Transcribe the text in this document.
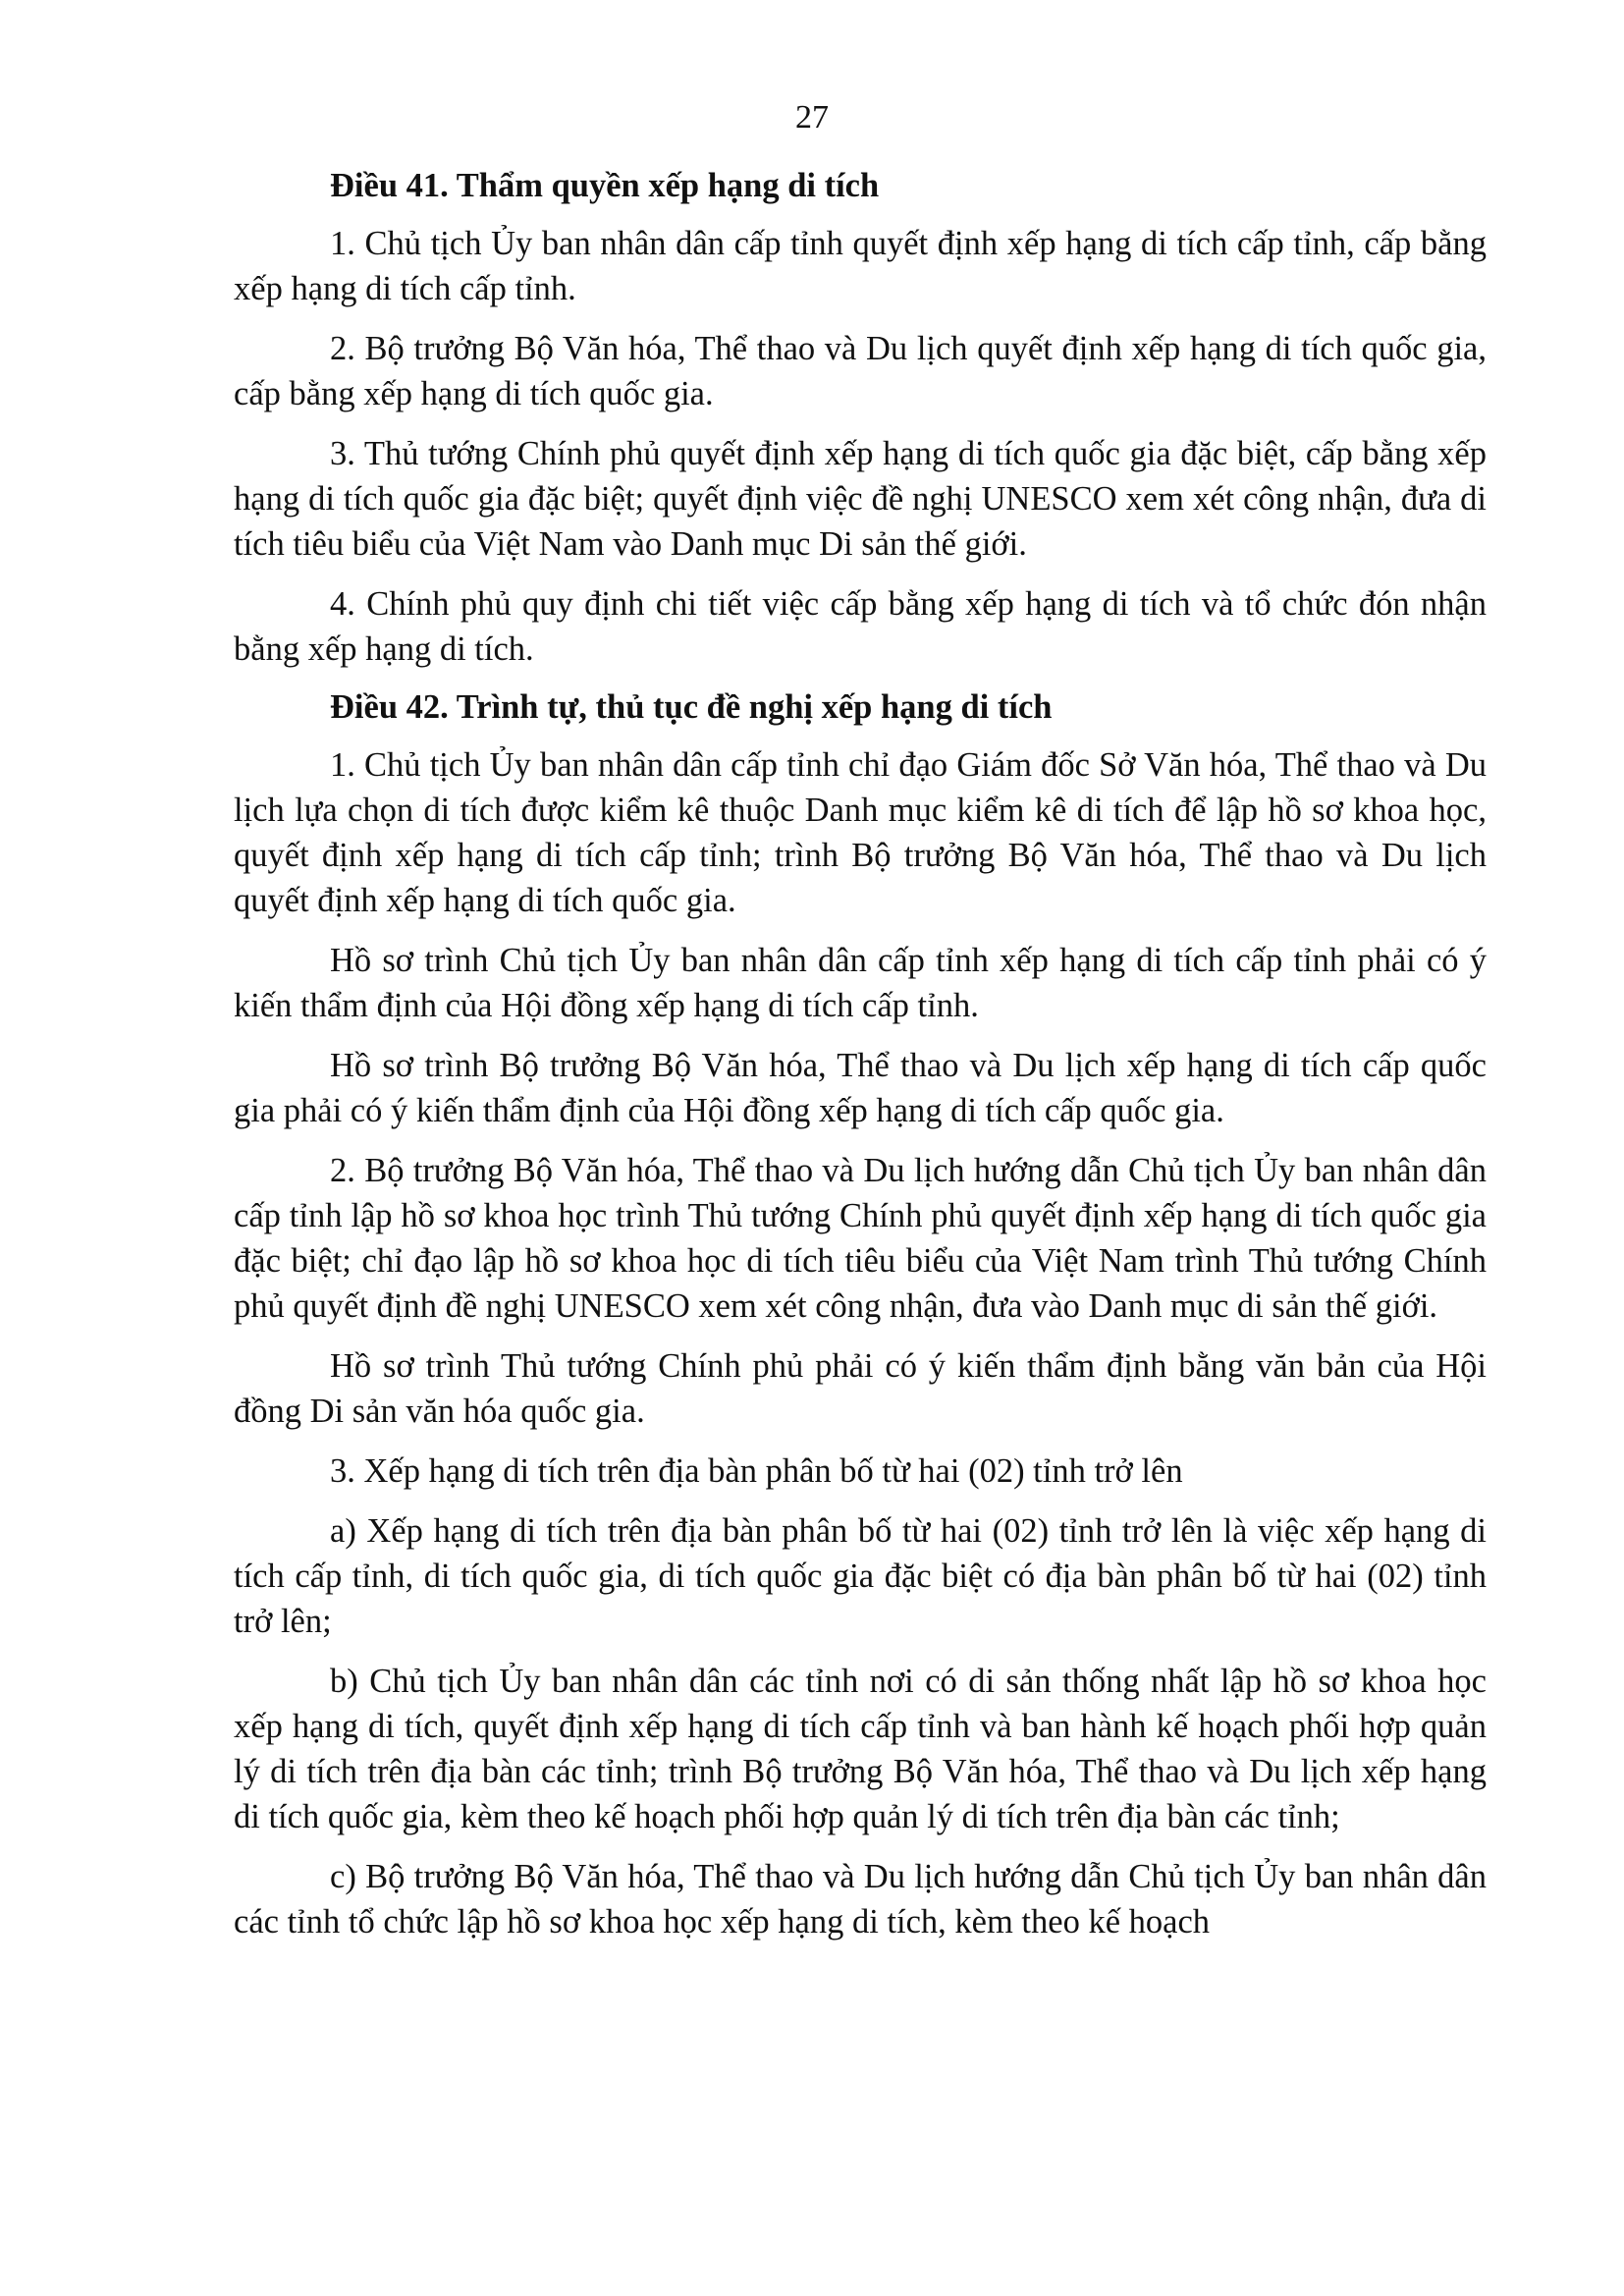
27

Điều 41. Thẩm quyền xếp hạng di tích

1. Chủ tịch Ủy ban nhân dân cấp tỉnh quyết định xếp hạng di tích cấp tỉnh, cấp bằng xếp hạng di tích cấp tỉnh.

2. Bộ trưởng Bộ Văn hóa, Thể thao và Du lịch quyết định xếp hạng di tích quốc gia, cấp bằng xếp hạng di tích quốc gia.

3. Thủ tướng Chính phủ quyết định xếp hạng di tích quốc gia đặc biệt, cấp bằng xếp hạng di tích quốc gia đặc biệt; quyết định việc đề nghị UNESCO xem xét công nhận, đưa di tích tiêu biểu của Việt Nam vào Danh mục Di sản thế giới.

4. Chính phủ quy định chi tiết việc cấp bằng xếp hạng di tích và tổ chức đón nhận bằng xếp hạng di tích.

Điều 42. Trình tự, thủ tục đề nghị xếp hạng di tích

1. Chủ tịch Ủy ban nhân dân cấp tỉnh chỉ đạo Giám đốc Sở Văn hóa, Thể thao và Du lịch lựa chọn di tích được kiểm kê thuộc Danh mục kiểm kê di tích để lập hồ sơ khoa học, quyết định xếp hạng di tích cấp tỉnh; trình Bộ trưởng Bộ Văn hóa, Thể thao và Du lịch quyết định xếp hạng di tích quốc gia.

Hồ sơ trình Chủ tịch Ủy ban nhân dân cấp tỉnh xếp hạng di tích cấp tỉnh phải có ý kiến thẩm định của Hội đồng xếp hạng di tích cấp tỉnh.

Hồ sơ trình Bộ trưởng Bộ Văn hóa, Thể thao và Du lịch xếp hạng di tích cấp quốc gia phải có ý kiến thẩm định của Hội đồng xếp hạng di tích cấp quốc gia.

2. Bộ trưởng Bộ Văn hóa, Thể thao và Du lịch hướng dẫn Chủ tịch Ủy ban nhân dân cấp tỉnh lập hồ sơ khoa học trình Thủ tướng Chính phủ quyết định xếp hạng di tích quốc gia đặc biệt; chỉ đạo lập hồ sơ khoa học di tích tiêu biểu của Việt Nam trình Thủ tướng Chính phủ quyết định đề nghị UNESCO xem xét công nhận, đưa vào Danh mục di sản thế giới.

Hồ sơ trình Thủ tướng Chính phủ phải có ý kiến thẩm định bằng văn bản của Hội đồng Di sản văn hóa quốc gia.

3. Xếp hạng di tích trên địa bàn phân bố từ hai (02) tỉnh trở lên

a) Xếp hạng di tích trên địa bàn phân bố từ hai (02) tỉnh trở lên là việc xếp hạng di tích cấp tỉnh, di tích quốc gia, di tích quốc gia đặc biệt có địa bàn phân bố từ hai (02) tỉnh trở lên;

b) Chủ tịch Ủy ban nhân dân các tỉnh nơi có di sản thống nhất lập hồ sơ khoa học xếp hạng di tích, quyết định xếp hạng di tích cấp tỉnh và ban hành kế hoạch phối hợp quản lý di tích trên địa bàn các tỉnh; trình Bộ trưởng Bộ Văn hóa, Thể thao và Du lịch xếp hạng di tích quốc gia, kèm theo kế hoạch phối hợp quản lý di tích trên địa bàn các tỉnh;

c) Bộ trưởng Bộ Văn hóa, Thể thao và Du lịch hướng dẫn Chủ tịch Ủy ban nhân dân các tỉnh tổ chức lập hồ sơ khoa học xếp hạng di tích, kèm theo kế hoạch
